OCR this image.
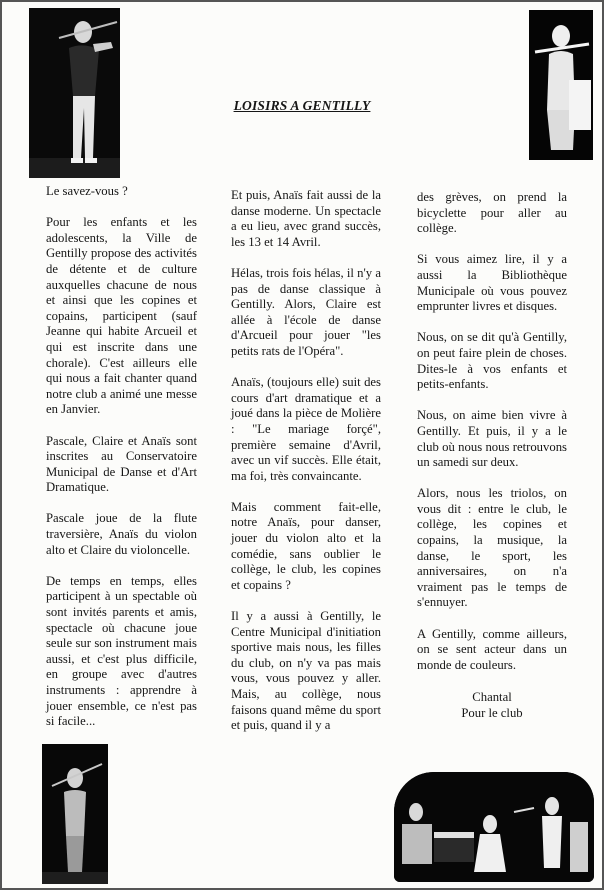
LOISIRS A GENTILLY

Le savez-vous ?

Pour les enfants et les adolescents, la Ville de Gentilly propose des activités de détente et de culture auxquelles chacune de nous et ainsi que les copines et copains, participent (sauf Jeanne qui habite Arcueil et qui est inscrite dans une chorale). C'est ailleurs elle qui nous a fait chanter quand notre club a animé une messe en Janvier.

Pascale, Claire et Anaïs sont inscrites au Conservatoire Municipal de Danse et d'Art Dramatique.

Pascale joue de la flute traversière, Anaïs du violon alto et Claire du violoncelle.

De temps en temps, elles participent à un spectable où sont invités parents et amis, spectacle où chacune joue seule sur son instrument mais aussi, et c'est plus difficile, en groupe avec d'autres instruments : apprendre à jouer ensemble, ce n'est pas si facile...

Et puis, Anaïs fait aussi de la danse moderne. Un spectacle a eu lieu, avec grand succès, les 13 et 14 Avril.

Hélas, trois fois hélas, il n'y a pas de danse classique à Gentilly. Alors, Claire est allée à l'école de danse d'Arcueil pour jouer "les petits rats de l'Opéra".

Anaïs, (toujours elle) suit des cours d'art dramatique et a joué dans la pièce de Molière : "Le mariage forçé", première semaine d'Avril, avec un vif succès. Elle était, ma foi, très convaincante.

Mais comment fait-elle, notre Anaïs, pour danser, jouer du violon alto et la comédie, sans oublier le collège, le club, les copines et copains ?

Il y a aussi à Gentilly, le Centre Municipal d'initiation sportive mais nous, les filles du club, on n'y va pas mais vous, vous pouvez y aller. Mais, au collège, nous faisons quand même du sport et puis, quand il y a

des grèves, on prend la bicyclette pour aller au collège.

Si vous aimez lire, il y a aussi la Bibliothèque Municipale où vous pouvez emprunter livres et disques.

Nous, on se dit qu'à Gentilly, on peut faire plein de choses. Dites-le à vos enfants et petits-enfants.

Nous, on aime bien vivre à Gentilly. Et puis, il y a le club où nous nous retrouvons un samedi sur deux.

Alors, nous les triolos, on vous dit : entre le club, le collège, les copines et copains, la musique, la danse, le sport, les anniversaires, on n'a vraiment pas le temps de s'ennuyer.

A Gentilly, comme ailleurs, on se sent acteur dans un monde de couleurs.

Chantal
Pour le club
